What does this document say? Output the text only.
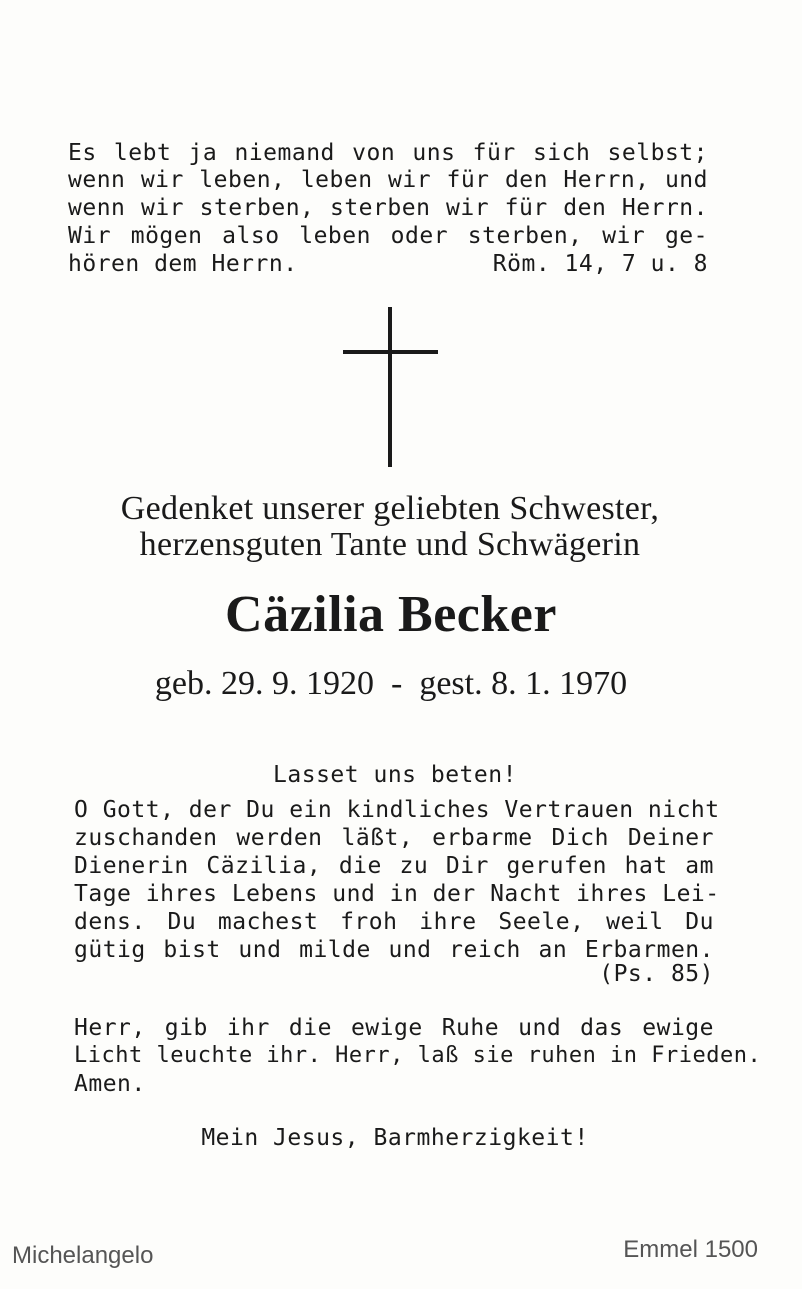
Es lebt ja niemand von uns für sich selbst;
wenn wir leben, leben wir für den Herrn, und
wenn wir sterben, sterben wir für den Herrn.
Wir mögen also leben oder sterben, wir ge-
hören dem Herrn.	Röm. 14, 7 u. 8
Gedenket unserer geliebten Schwester,
herzensguten Tante und Schwägerin
Cäzilia Becker
geb. 29. 9. 1920  -  gest. 8. 1. 1970
Lasset uns beten!
O Gott, der Du ein kindliches Vertrauen nicht
zuschanden werden läßt, erbarme Dich Deiner
Dienerin Cäzilia, die zu Dir gerufen hat am
Tage ihres Lebens und in der Nacht ihres Lei-
dens. Du machest froh ihre Seele, weil Du
gütig bist und milde und reich an Erbarmen.
(Ps. 85)
Herr, gib ihr die ewige Ruhe und das ewige
Licht leuchte ihr. Herr, laß sie ruhen in Frieden.
Amen.
Mein Jesus, Barmherzigkeit!
Michelangelo	Emmel 1500
